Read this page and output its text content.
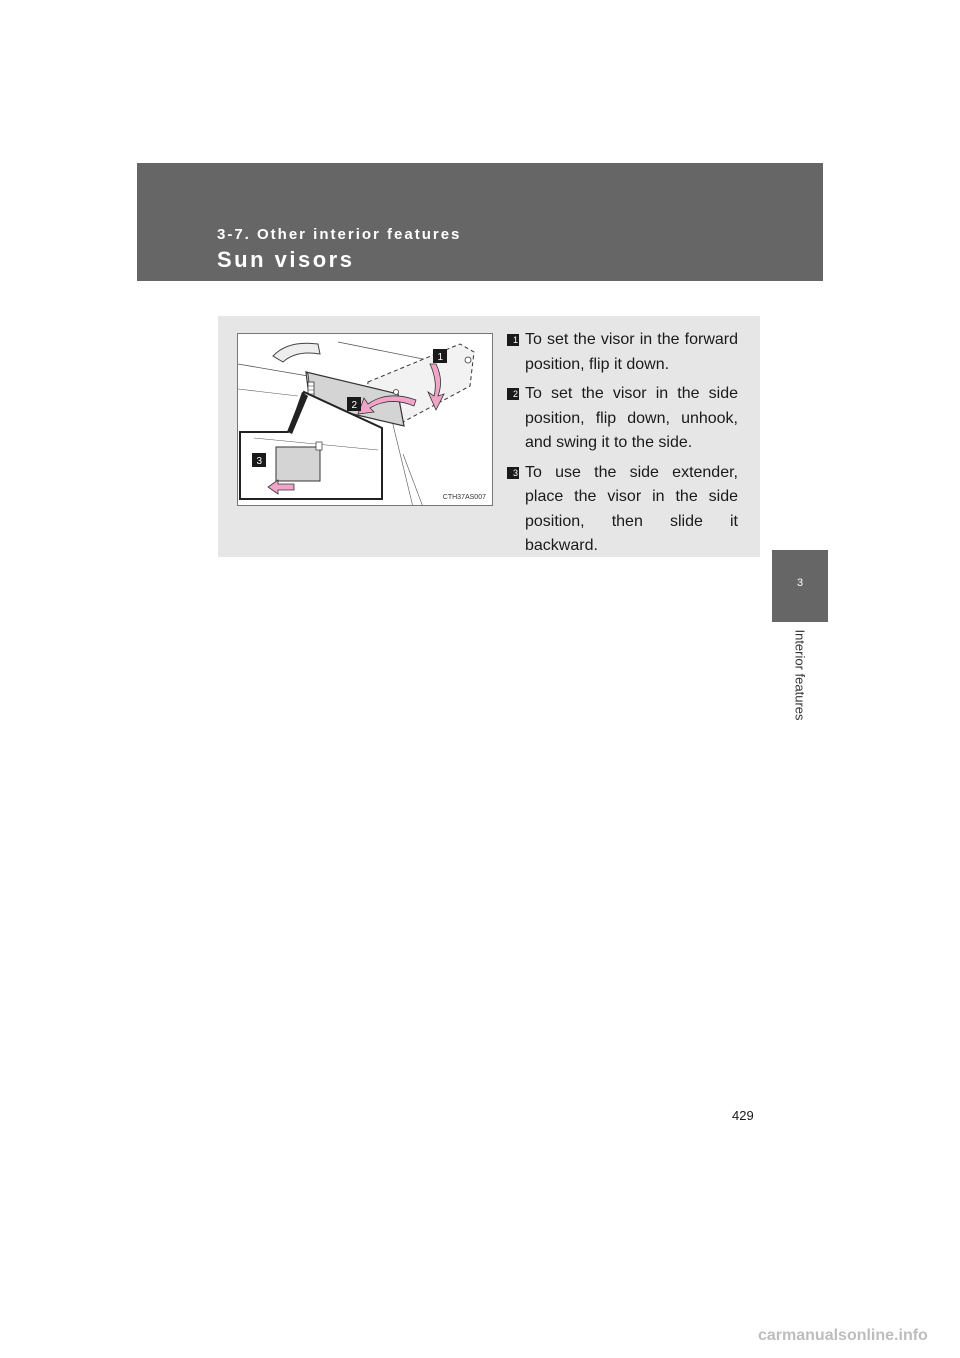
3-7. Other interior features
Sun visors
3
Interior features
1
2
3
CTH37AS007
1 To set the visor in the forward position, flip it down.
2 To set the visor in the side position, flip down, unhook, and swing it to the side.
3 To use the side extender, place the visor in the side position, then slide it backward.
429
carmanualsonline.info
